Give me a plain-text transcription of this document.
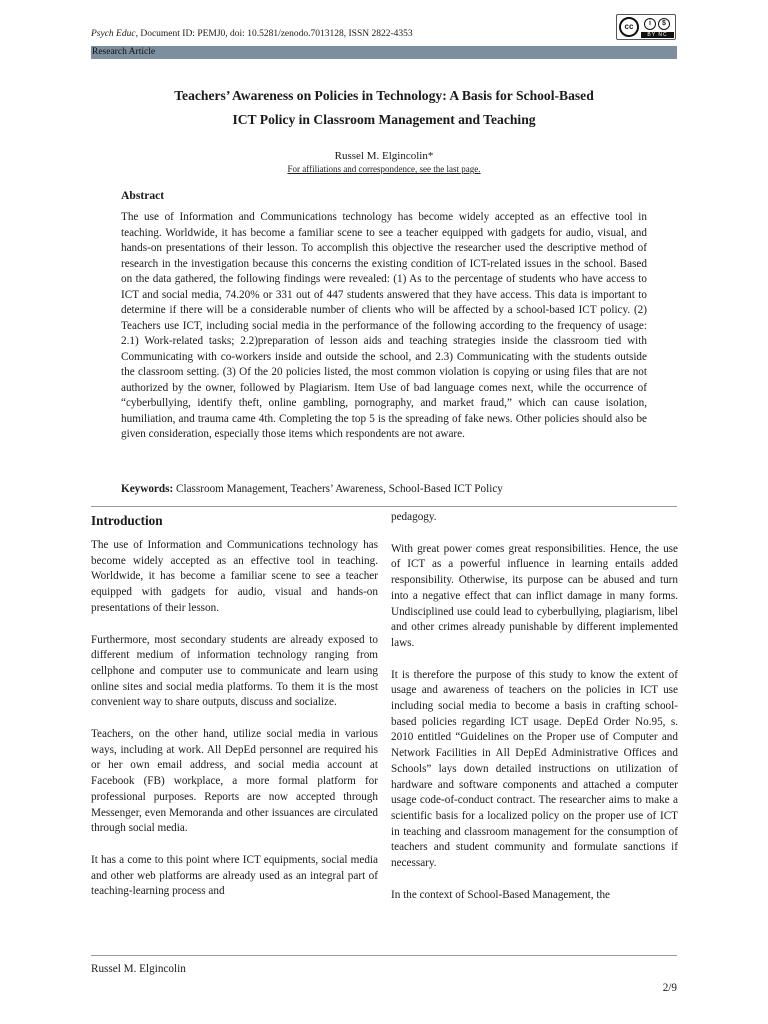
Psych Educ, Document ID: PEMJ0, doi: 10.5281/zenodo.7013128, ISSN 2822-4353
cc	i	$
BY NC
Research Article
Teachers’ Awareness on Policies in Technology: A Basis for School-Based
ICT Policy in Classroom Management and Teaching
Russel M. Elgincolin*
For affiliations and correspondence, see the last page.
Abstract

The use of Information and Communications technology has become widely accepted as an effective tool in teaching. Worldwide, it has become a familiar scene to see a teacher equipped with gadgets for audio, visual, and hands-on presentations of their lesson. To accomplish this objective the researcher used the descriptive method of research in the investigation because this concerns the existing condition of ICT-related issues in the school. Based on the data gathered, the following findings were revealed: (1) As to the percentage of students who have access to ICT and social media, 74.20% or 331 out of 447 students answered that they have access. This data is important to determine if there will be a considerable number of clients who will be affected by a school-based ICT policy. (2) Teachers use ICT, including social media in the performance of the following according to the frequency of usage: 2.1) Work-related tasks; 2.2)preparation of lesson aids and teaching strategies inside the classroom tied with Communicating with co-workers inside and outside the school, and 2.3) Communicating with the students outside the classroom setting. (3) Of the 20 policies listed, the most common violation is copying or using files that are not authorized by the owner, followed by Plagiarism. Item Use of bad language comes next, while the occurrence of “cyberbullying, identify theft, online gambling, pornography, and market fraud,” which can cause isolation, humiliation, and trauma came 4th. Completing the top 5 is the spreading of fake news. Other policies should also be given consideration, especially those items which respondents are not aware.

Keywords: Classroom Management, Teachers’ Awareness, School-Based ICT Policy
Introduction

The use of Information and Communications technology has become widely accepted as an effective tool in teaching. Worldwide, it has become a familiar scene to see a teacher equipped with gadgets for audio, visual and hands-on presentations of their lesson.

Furthermore, most secondary students are already exposed to different medium of information technology ranging from cellphone and computer use to communicate and learn using online sites and social media platforms. To them it is the most convenient way to share outputs, discuss and socialize.

Teachers, on the other hand, utilize social media in various ways, including at work. All DepEd personnel are required his or her own email address, and social media account at Facebook (FB) workplace, a more formal platform for professional purposes. Reports are now accepted through Messenger, even Memoranda and other issuances are circulated through social media.

It has a come to this point where ICT equipments, social media and other web platforms are already used as an integral part of teaching-learning process and

pedagogy.

With great power comes great responsibilities. Hence, the use of ICT as a powerful influence in learning entails added responsibility. Otherwise, its purpose can be abused and turn into a negative effect that can inflict damage in many forms. Undisciplined use could lead to cyberbullying, plagiarism, libel and other crimes already punishable by different implemented laws.

It is therefore the purpose of this study to know the extent of usage and awareness of teachers on the policies in ICT use including social media to become a basis in crafting school-based policies regarding ICT usage. DepEd Order No.95, s. 2010 entitled “Guidelines on the Proper use of Computer and Network Facilities in All DepEd Administrative Offices and Schools” lays down detailed instructions on utilization of hardware and software components and attached a computer usage code-of-conduct contract. The researcher aims to make a scientific basis for a localized policy on the proper use of ICT in teaching and classroom management for the consumption of teachers and student community and formulate sanctions if necessary.

In the context of School-Based Management, the

Russel M. Elgincolin
2/9
